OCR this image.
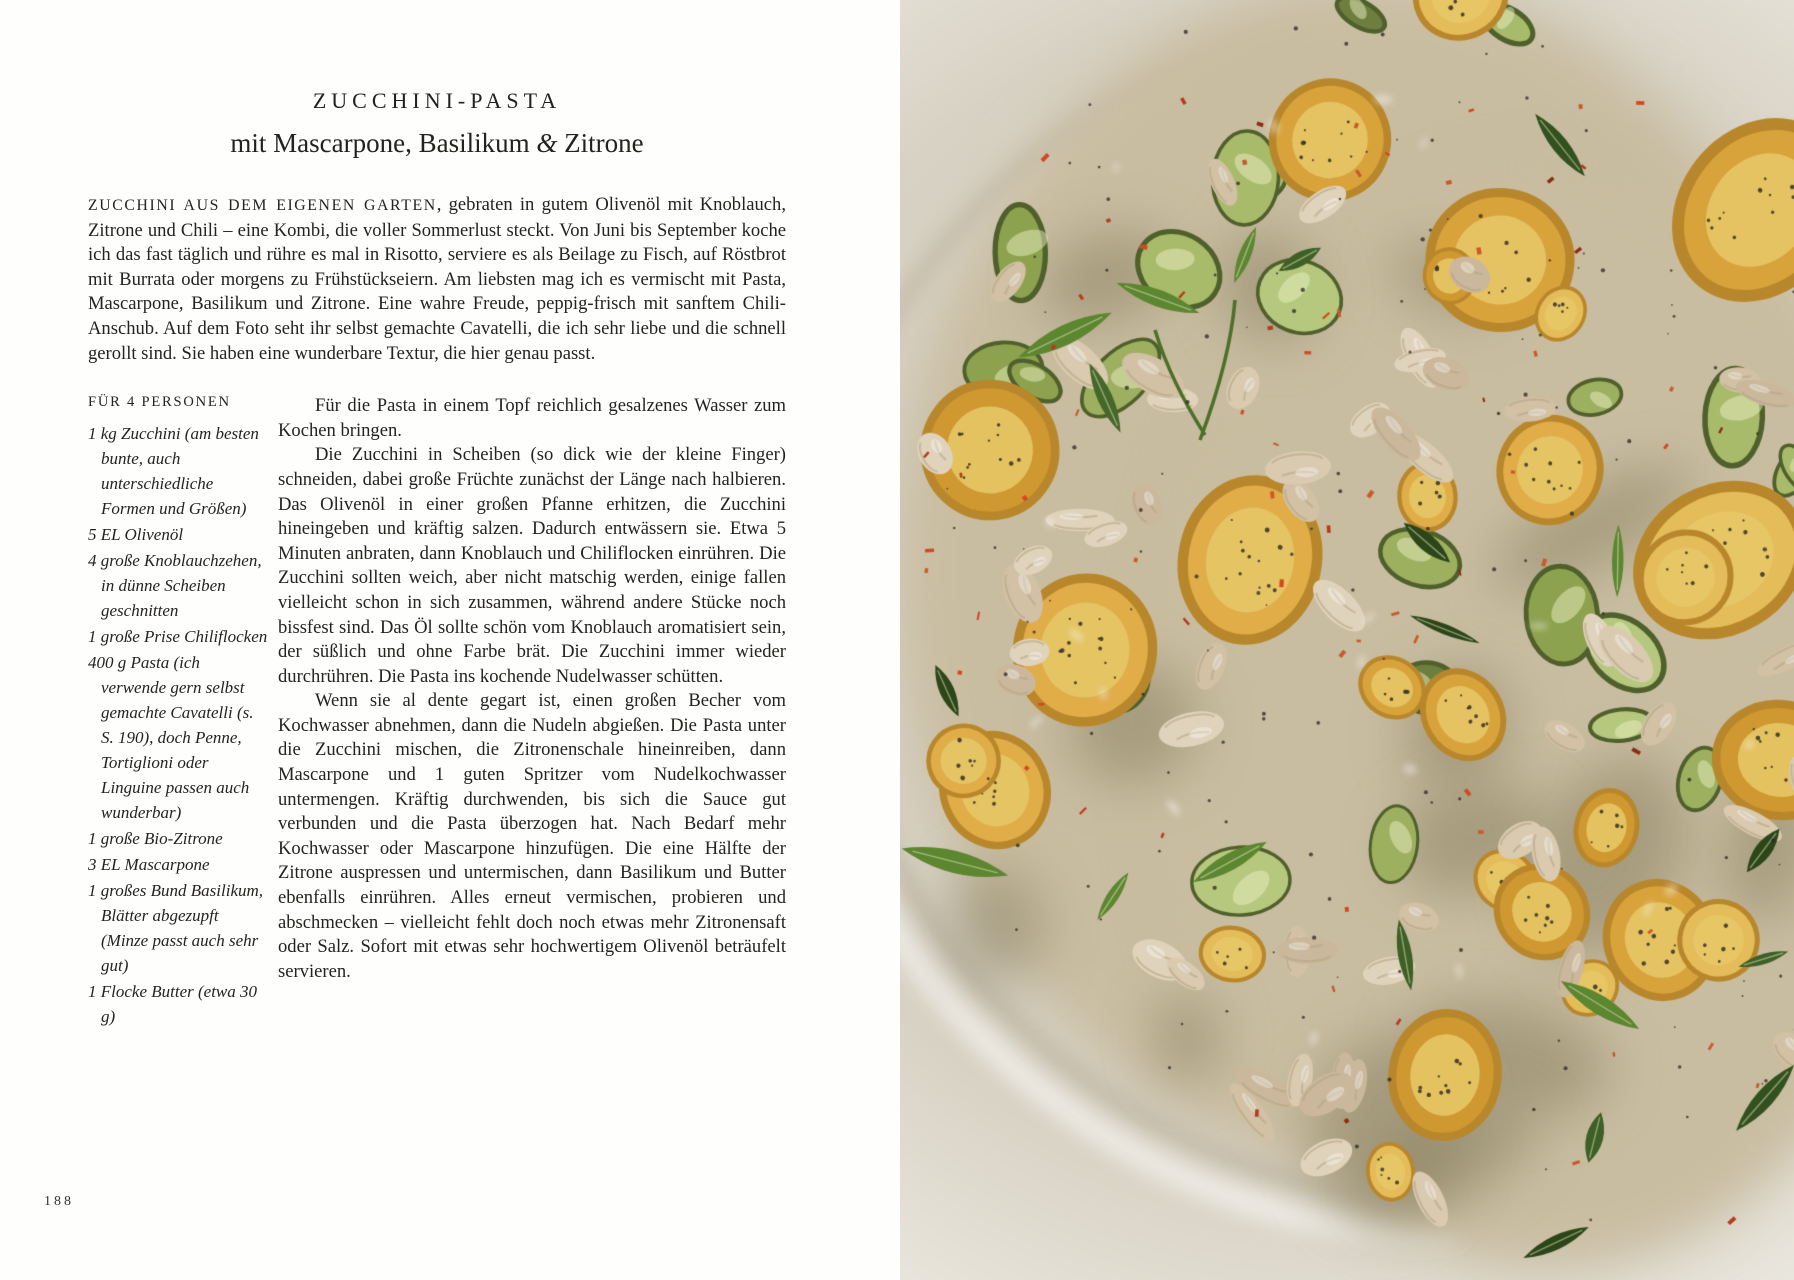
ZUCCHINI-PASTA
mit Mascarpone, Basilikum & Zitrone

ZUCCHINI AUS DEM EIGENEN GARTEN, gebraten in gutem Olivenöl mit Knoblauch, Zitrone und Chili – eine Kombi, die voller Sommerlust steckt. Von Juni bis September koche ich das fast täglich und rühre es mal in Risotto, serviere es als Beilage zu Fisch, auf Röstbrot mit Burrata oder morgens zu Frühstückseiern. Am liebsten mag ich es vermischt mit Pasta, Mascarpone, Basilikum und Zitrone. Eine wahre Freude, peppig-frisch mit sanftem Chili-Anschub. Auf dem Foto seht ihr selbst gemachte Cavatelli, die ich sehr liebe und die schnell gerollt sind. Sie haben eine wunderbare Textur, die hier genau passt.

FÜR 4 PERSONEN
1 kg Zucchini (am besten bunte, auch unterschiedliche Formen und Größen)
5 EL Olivenöl
4 große Knoblauchzehen, in dünne Scheiben geschnitten
1 große Prise Chiliflocken
400 g Pasta (ich verwende gern selbst gemachte Cavatelli (s. S. 190), doch Penne, Tortiglioni oder Linguine passen auch wunderbar)
1 große Bio-Zitrone
3 EL Mascarpone
1 großes Bund Basilikum, Blätter abgezupft (Minze passt auch sehr gut)
1 Flocke Butter (etwa 30 g)

Für die Pasta in einem Topf reichlich gesalzenes Wasser zum Kochen bringen.

Die Zucchini in Scheiben (so dick wie der kleine Finger) schneiden, dabei große Früchte zunächst der Länge nach halbieren. Das Olivenöl in einer großen Pfanne erhitzen, die Zucchini hineingeben und kräftig salzen. Dadurch entwässern sie. Etwa 5 Minuten anbraten, dann Knoblauch und Chiliflocken einrühren. Die Zucchini sollten weich, aber nicht matschig werden, einige fallen vielleicht schon in sich zusammen, während andere Stücke noch bissfest sind. Das Öl sollte schön vom Knoblauch aromatisiert sein, der süßlich und ohne Farbe brät. Die Zucchini immer wieder durchrühren. Die Pasta ins kochende Nudelwasser schütten.

Wenn sie al dente gegart ist, einen großen Becher vom Kochwasser abnehmen, dann die Nudeln abgießen. Die Pasta unter die Zucchini mischen, die Zitronenschale hineinreiben, dann Mascarpone und 1 guten Spritzer vom Nudelkochwasser untermengen. Kräftig durchwenden, bis sich die Sauce gut verbunden und die Pasta überzogen hat. Nach Bedarf mehr Kochwasser oder Mascarpone hinzufügen. Die eine Hälfte der Zitrone auspressen und untermischen, dann Basilikum und Butter ebenfalls einrühren. Alles erneut vermischen, probieren und abschmecken – vielleicht fehlt doch noch etwas mehr Zitronensaft oder Salz. Sofort mit etwas sehr hochwertigem Olivenöl beträufelt servieren.

188
